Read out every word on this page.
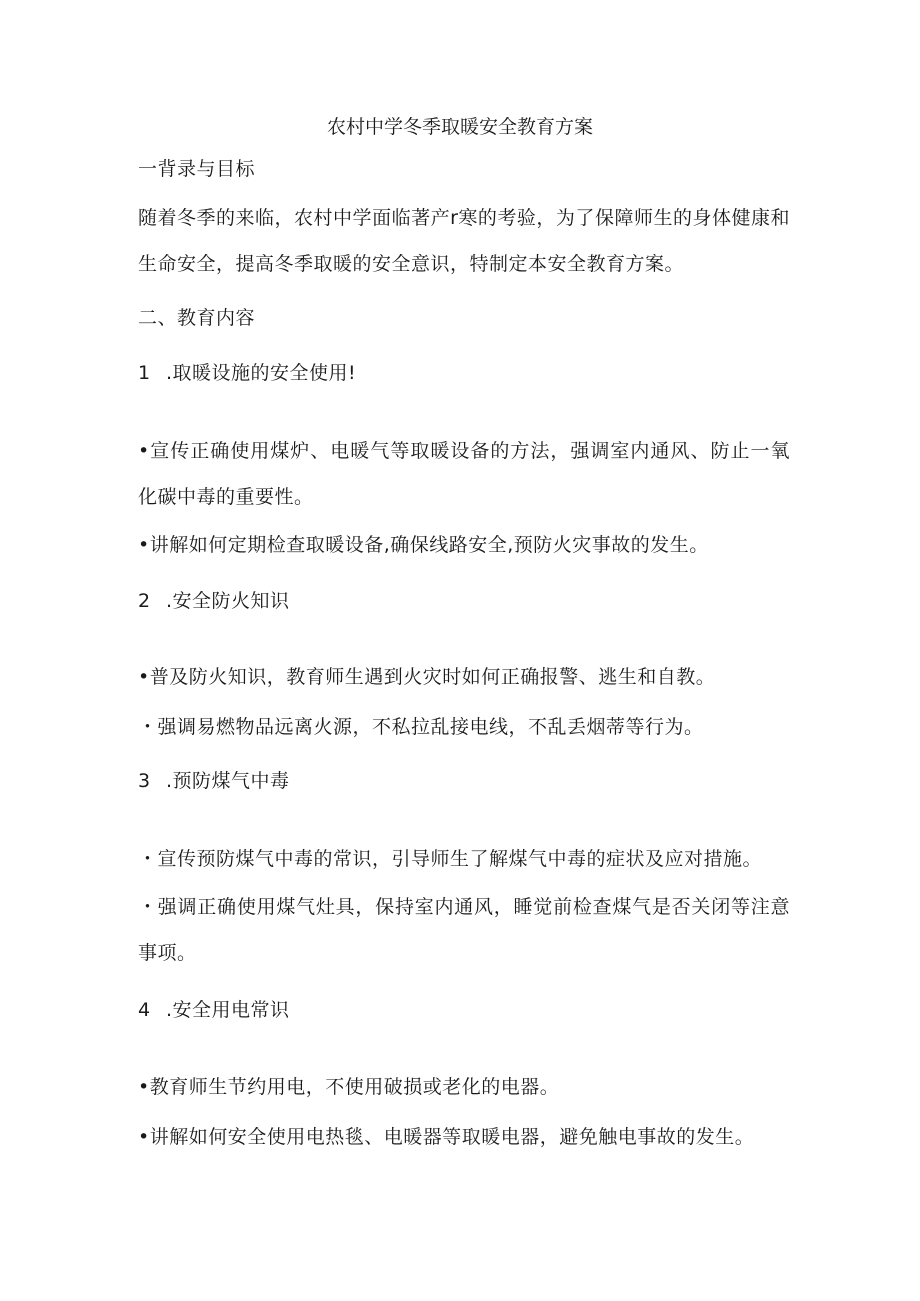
农村中学冬季取暖安全教育方案
一背录与目标
随着冬季的来临，农村中学面临著产r寒的考验，为了保障师生的身体健康和生命安全，提高冬季取暖的安全意识，特制定本安全教育方案。
二、教育内容
1 .取暖设施的安全使用!
•宣传正确使用煤炉、电暖气等取暖设备的方法，强调室内通风、防止一氧化碳中毒的重要性。
•讲解如何定期检查取暖设备,确保线路安全,预防火灾事故的发生。
2 .安全防火知识
•普及防火知识，教育师生遇到火灾时如何正确报警、逃生和自教。
・强调易燃物品远离火源，不私拉乱接电线，不乱丢烟蒂等行为。
3 .预防煤气中毒
・宣传预防煤气中毒的常识，引导师生了解煤气中毒的症状及应对措施。
・强调正确使用煤气灶具，保持室内通风，睡觉前检查煤气是否关闭等注意事项。
4 .安全用电常识
•教育师生节约用电，不使用破损或老化的电器。
•讲解如何安全使用电热毯、电暖器等取暖电器，避免触电事故的发生。
